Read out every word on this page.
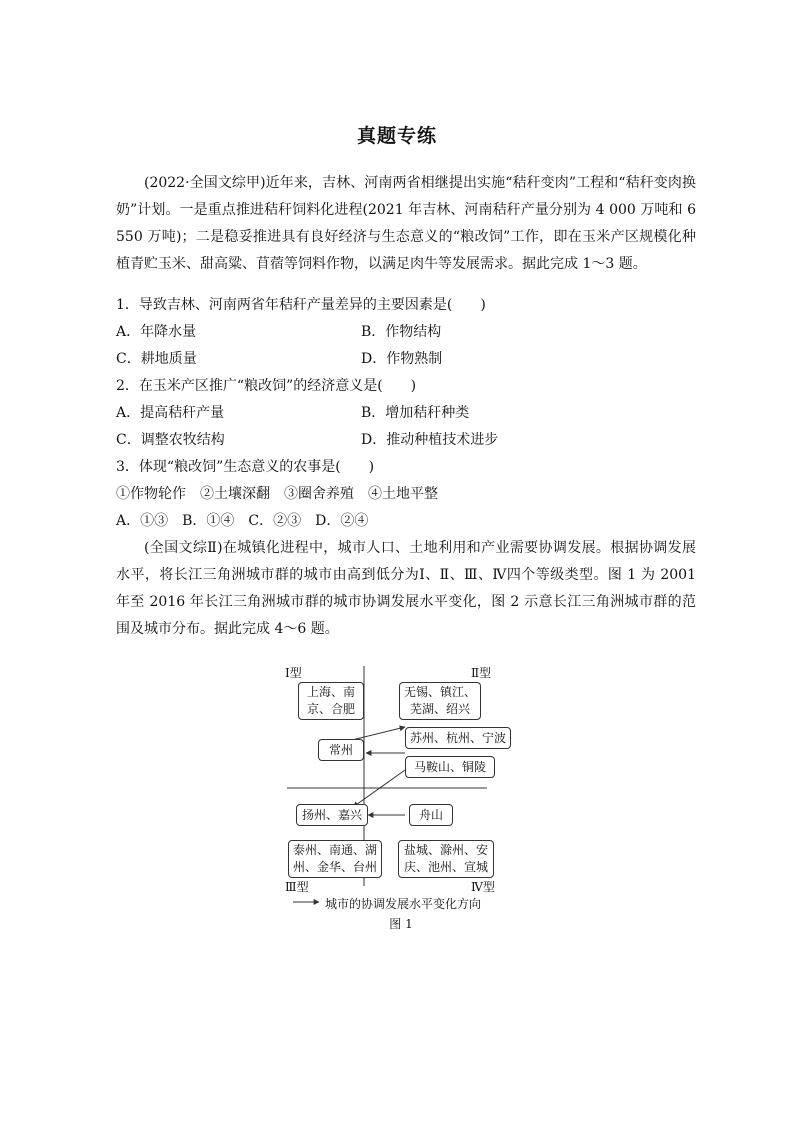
真题专练

(2022·全国文综甲)近年来，吉林、河南两省相继提出实施“秸秆变肉”工程和“秸秆变肉换奶”计划。一是重点推进秸秆饲料化进程(2021 年吉林、河南秸秆产量分别为 4 000 万吨和 6 550 万吨)；二是稳妥推进具有良好经济与生态意义的“粮改饲”工作，即在玉米产区规模化种植青贮玉米、甜高粱、苜蓿等饲料作物，以满足肉牛等发展需求。据此完成 1～3 题。

1．导致吉林、河南两省年秸秆产量差异的主要因素是(　　)
A．年降水量	B．作物结构
C．耕地质量	D．作物熟制
2．在玉米产区推广“粮改饲”的经济意义是(　　)
A．提高秸秆产量	B．增加秸秆种类
C．调整农牧结构	D．推动种植技术进步
3．体现“粮改饲”生态意义的农事是(　　)
①作物轮作　②土壤深翻　③圈舍养殖　④土地平整
A．①③　B．①④　C．②③　D．②④

(全国文综Ⅱ)在城镇化进程中，城市人口、土地利用和产业需要协调发展。根据协调发展水平，将长江三角洲城市群的城市由高到低分为Ⅰ、Ⅱ、Ⅲ、Ⅳ四个等级类型。图 1 为 2001 年至 2016 年长江三角洲城市群的城市协调发展水平变化，图 2 示意长江三角洲城市群的范围及城市分布。据此完成 4～6 题。

Ⅰ型	Ⅱ型
Ⅲ型	Ⅳ型
上海、南京、合肥
无锡、镇江、芜湖、绍兴
常州
苏州、杭州、宁波
马鞍山、铜陵
扬州、嘉兴	舟山
泰州、南通、湖州、金华、台州
盐城、滁州、安庆、池州、宣城
城市的协调发展水平变化方向
图 1
